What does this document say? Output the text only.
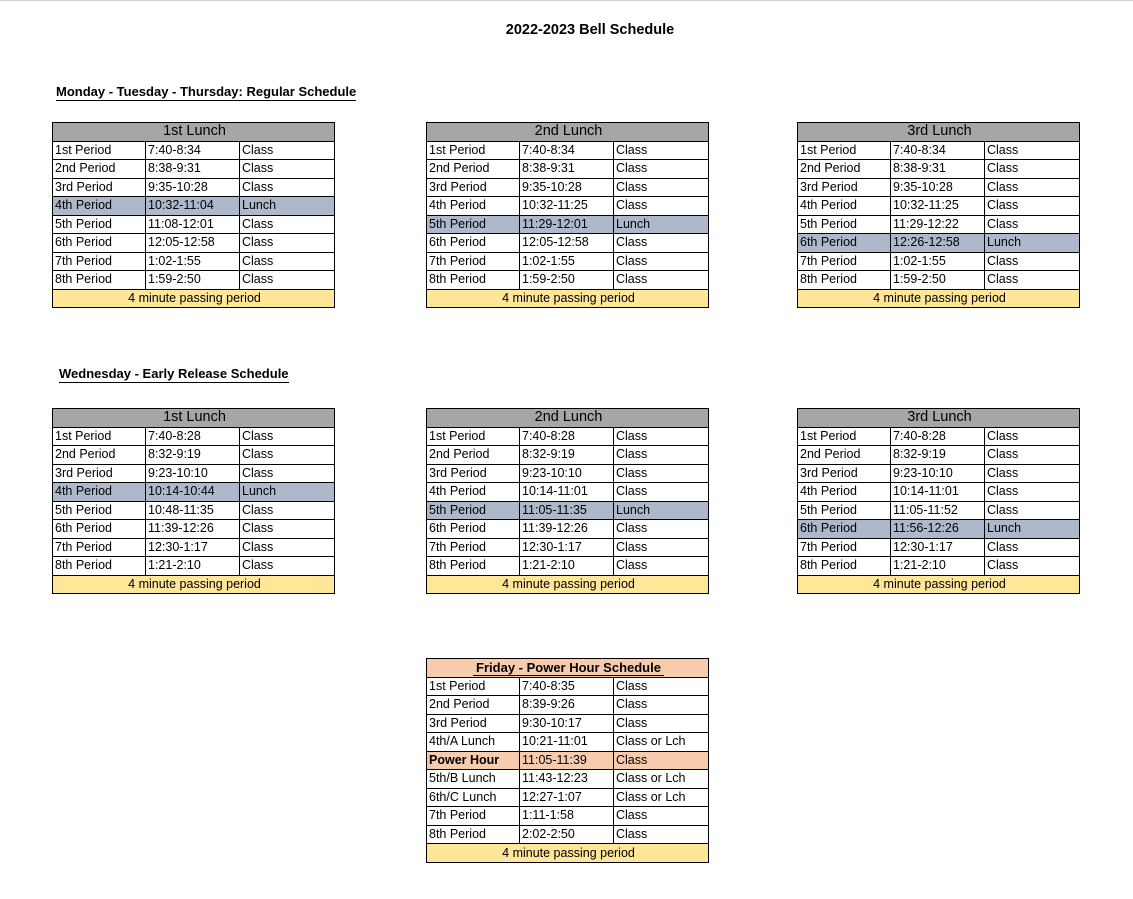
2022-2023 Bell Schedule
Monday - Tuesday - Thursday: Regular Schedule
Wednesday - Early Release Schedule
1st Lunch		
1st Period	7:40-8:34	Class
2nd Period	8:38-9:31	Class
3rd Period	9:35-10:28	Class
4th Period	10:32-11:04	Lunch
5th Period	11:08-12:01	Class
6th Period	12:05-12:58	Class
7th Period	1:02-1:55	Class
8th Period	1:59-2:50	Class
4 minute passing period		
2nd Lunch		
1st Period	7:40-8:34	Class
2nd Period	8:38-9:31	Class
3rd Period	9:35-10:28	Class
4th Period	10:32-11:25	Class
5th Period	11:29-12:01	Lunch
6th Period	12:05-12:58	Class
7th Period	1:02-1:55	Class
8th Period	1:59-2:50	Class
4 minute passing period		
3rd Lunch		
1st Period	7:40-8:34	Class
2nd Period	8:38-9:31	Class
3rd Period	9:35-10:28	Class
4th Period	10:32-11:25	Class
5th Period	11:29-12:22	Class
6th Period	12:26-12:58	Lunch
7th Period	1:02-1:55	Class
8th Period	1:59-2:50	Class
4 minute passing period		
1st Lunch		
1st Period	7:40-8:28	Class
2nd Period	8:32-9:19	Class
3rd Period	9:23-10:10	Class
4th Period	10:14-10:44	Lunch
5th Period	10:48-11:35	Class
6th Period	11:39-12:26	Class
7th Period	12:30-1:17	Class
8th Period	1:21-2:10	Class
4 minute passing period		
2nd Lunch		
1st Period	7:40-8:28	Class
2nd Period	8:32-9:19	Class
3rd Period	9:23-10:10	Class
4th Period	10:14-11:01	Class
5th Period	11:05-11:35	Lunch
6th Period	11:39-12:26	Class
7th Period	12:30-1:17	Class
8th Period	1:21-2:10	Class
4 minute passing period		
3rd Lunch		
1st Period	7:40-8:28	Class
2nd Period	8:32-9:19	Class
3rd Period	9:23-10:10	Class
4th Period	10:14-11:01	Class
5th Period	11:05-11:52	Class
6th Period	11:56-12:26	Lunch
7th Period	12:30-1:17	Class
8th Period	1:21-2:10	Class
4 minute passing period		
Friday - Power Hour Schedule		
1st Period	7:40-8:35	Class
2nd Period	8:39-9:26	Class
3rd Period	9:30-10:17	Class
4th/A Lunch	10:21-11:01	Class or Lch
Power Hour	11:05-11:39	Class
5th/B Lunch	11:43-12:23	Class or Lch
6th/C Lunch	12:27-1:07	Class or Lch
7th Period	1:11-1:58	Class
8th Period	2:02-2:50	Class
4 minute passing period		
